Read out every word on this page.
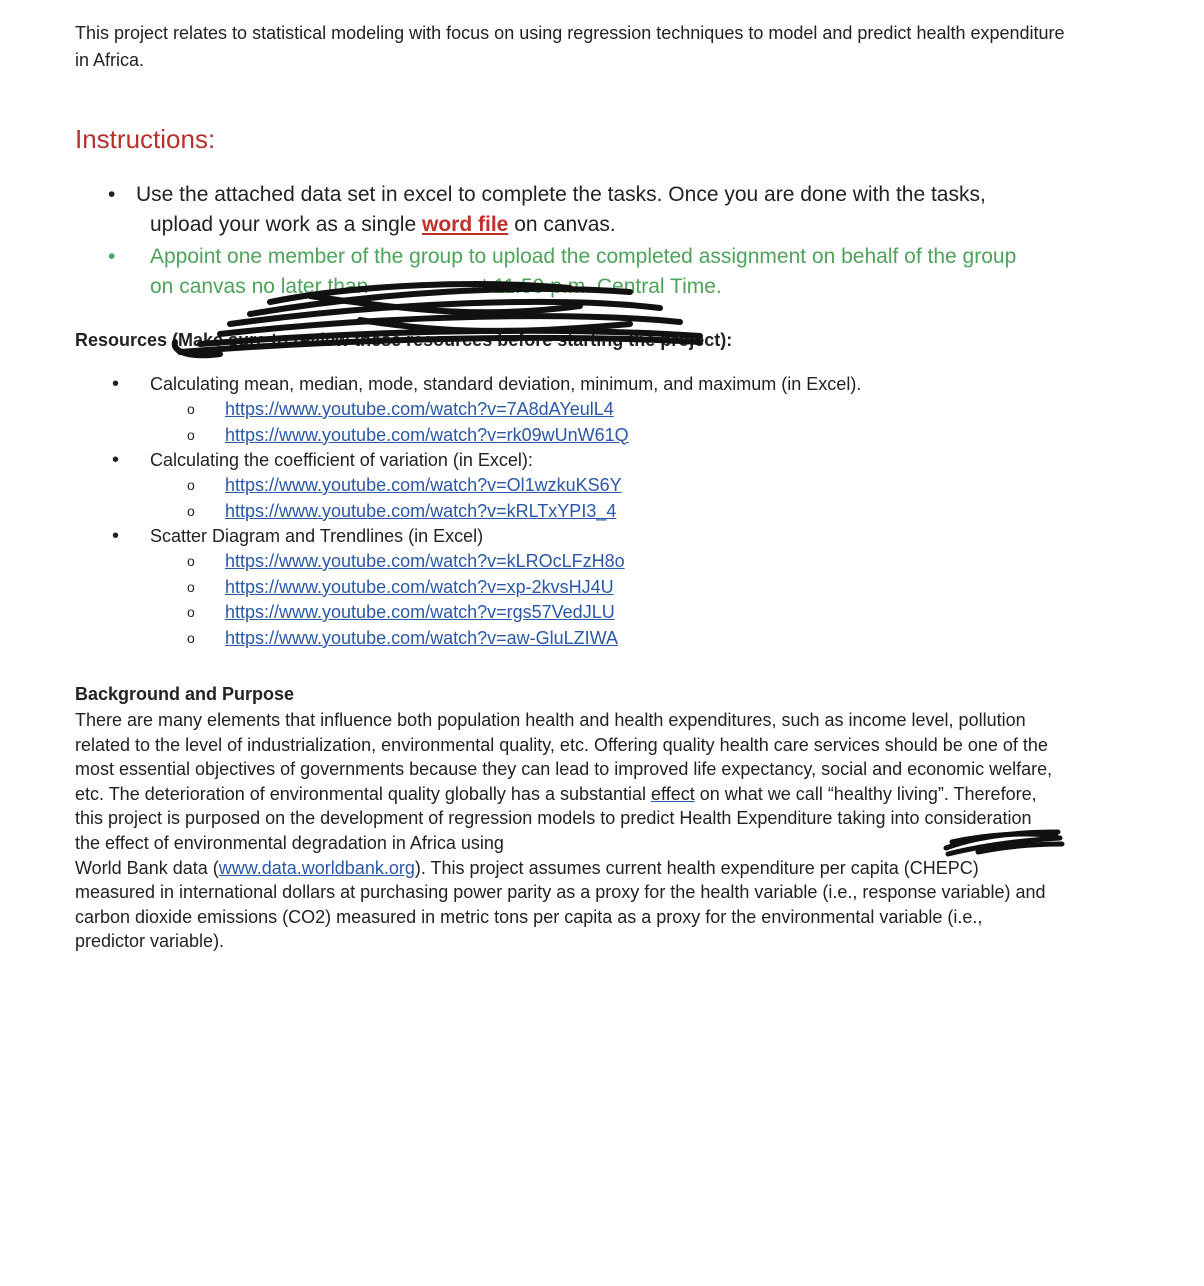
This project relates to statistical modeling with focus on using regression techniques to model and predict health expenditure in Africa.
Instructions:
• Use the attached data set in excel to complete the tasks. Once you are done with the tasks,
upload your work as a single word file on canvas.
• Appoint one member of the group to upload the completed assignment on behalf of the group
on canvas no later than	at 11:59 p.m. Central Time.
Resources (Make sure to review these resources before starting the project):
• Calculating mean, median, mode, standard deviation, minimum, and maximum (in Excel).
o https://www.youtube.com/watch?v=7A8dAYeulL4
o https://www.youtube.com/watch?v=rk09wUnW61Q
• Calculating the coefficient of variation (in Excel):
o https://www.youtube.com/watch?v=Ol1wzkuKS6Y
o https://www.youtube.com/watch?v=kRLTxYPI3_4
• Scatter Diagram and Trendlines (in Excel)
o https://www.youtube.com/watch?v=kLROcLFzH8o
o https://www.youtube.com/watch?v=xp-2kvsHJ4U
o https://www.youtube.com/watch?v=rgs57VedJLU
o https://www.youtube.com/watch?v=aw-GluLZIWA
Background and Purpose
There are many elements that influence both population health and health expenditures, such as income level, pollution related to the level of industrialization, environmental quality, etc. Offering quality health care services should be one of the most essential objectives of governments because they can lead to improved life expectancy, social and economic welfare, etc. The deterioration of environmental quality globally has a substantial effect on what we call “healthy living”. Therefore, this project is purposed on the development of regression models to predict Health Expenditure taking into consideration the effect of environmental degradation in Africa using
World Bank data (www.data.worldbank.org). This project assumes current health expenditure per capita (CHEPC) measured in international dollars at purchasing power parity as a proxy for the health variable (i.e., response variable) and carbon dioxide emissions (CO2) measured in metric tons per capita as a proxy for the environmental variable (i.e., predictor variable).
